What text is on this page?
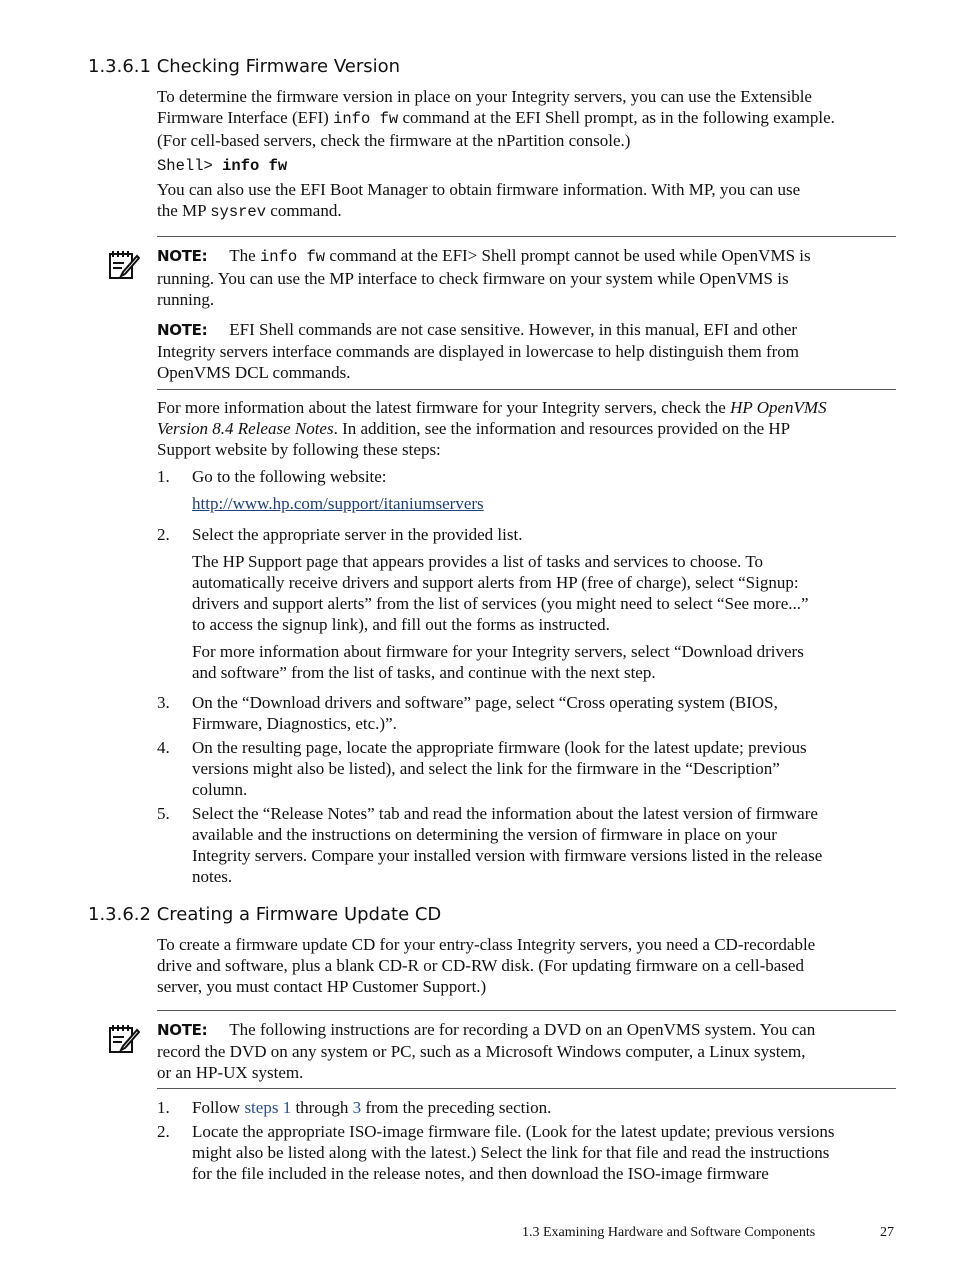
1.3.6.1 Checking Firmware Version

To determine the firmware version in place on your Integrity servers, you can use the Extensible

Firmware Interface (EFI) info fw command at the EFI Shell prompt, as in the following example.

(For cell-based servers, check the firmware at the nPartition console.)

Shell> info fw

You can also use the EFI Boot Manager to obtain firmware information. With MP, you can use

the MP sysrev command.

NOTE: The info fw command at the EFI> Shell prompt cannot be used while OpenVMS is

running. You can use the MP interface to check firmware on your system while OpenVMS is

running.

NOTE: EFI Shell commands are not case sensitive. However, in this manual, EFI and other

Integrity servers interface commands are displayed in lowercase to help distinguish them from

OpenVMS DCL commands.

For more information about the latest firmware for your Integrity servers, check the HP OpenVMS

Version 8.4 Release Notes. In addition, see the information and resources provided on the HP

Support website by following these steps:

1.	Go to the following website:
http://www.hp.com/support/itaniumservers
2.	Select the appropriate server in the provided list.

The HP Support page that appears provides a list of tasks and services to choose. To

automatically receive drivers and support alerts from HP (free of charge), select “Signup:

drivers and support alerts” from the list of services (you might need to select “See more...”

to access the signup link), and fill out the forms as instructed.

For more information about firmware for your Integrity servers, select “Download drivers

and software” from the list of tasks, and continue with the next step.

3.	On the “Download drivers and software” page, select “Cross operating system (BIOS,

Firmware, Diagnostics, etc.)”.

4.	On the resulting page, locate the appropriate firmware (look for the latest update; previous

versions might also be listed), and select the link for the firmware in the “Description”

column.

5.	Select the “Release Notes” tab and read the information about the latest version of firmware

available and the instructions on determining the version of firmware in place on your

Integrity servers. Compare your installed version with firmware versions listed in the release

notes.

1.3.6.2 Creating a Firmware Update CD

To create a firmware update CD for your entry-class Integrity servers, you need a CD-recordable

drive and software, plus a blank CD-R or CD-RW disk. (For updating firmware on a cell-based

server, you must contact HP Customer Support.)

NOTE: The following instructions are for recording a DVD on an OpenVMS system. You can

record the DVD on any system or PC, such as a Microsoft Windows computer, a Linux system,

or an HP-UX system.

1.	Follow steps 1 through 3 from the preceding section.
2.	Locate the appropriate ISO-image firmware file. (Look for the latest update; previous versions

might also be listed along with the latest.) Select the link for that file and read the instructions

for the file included in the release notes, and then download the ISO-image firmware

1.3 Examining Hardware and Software Components	27
